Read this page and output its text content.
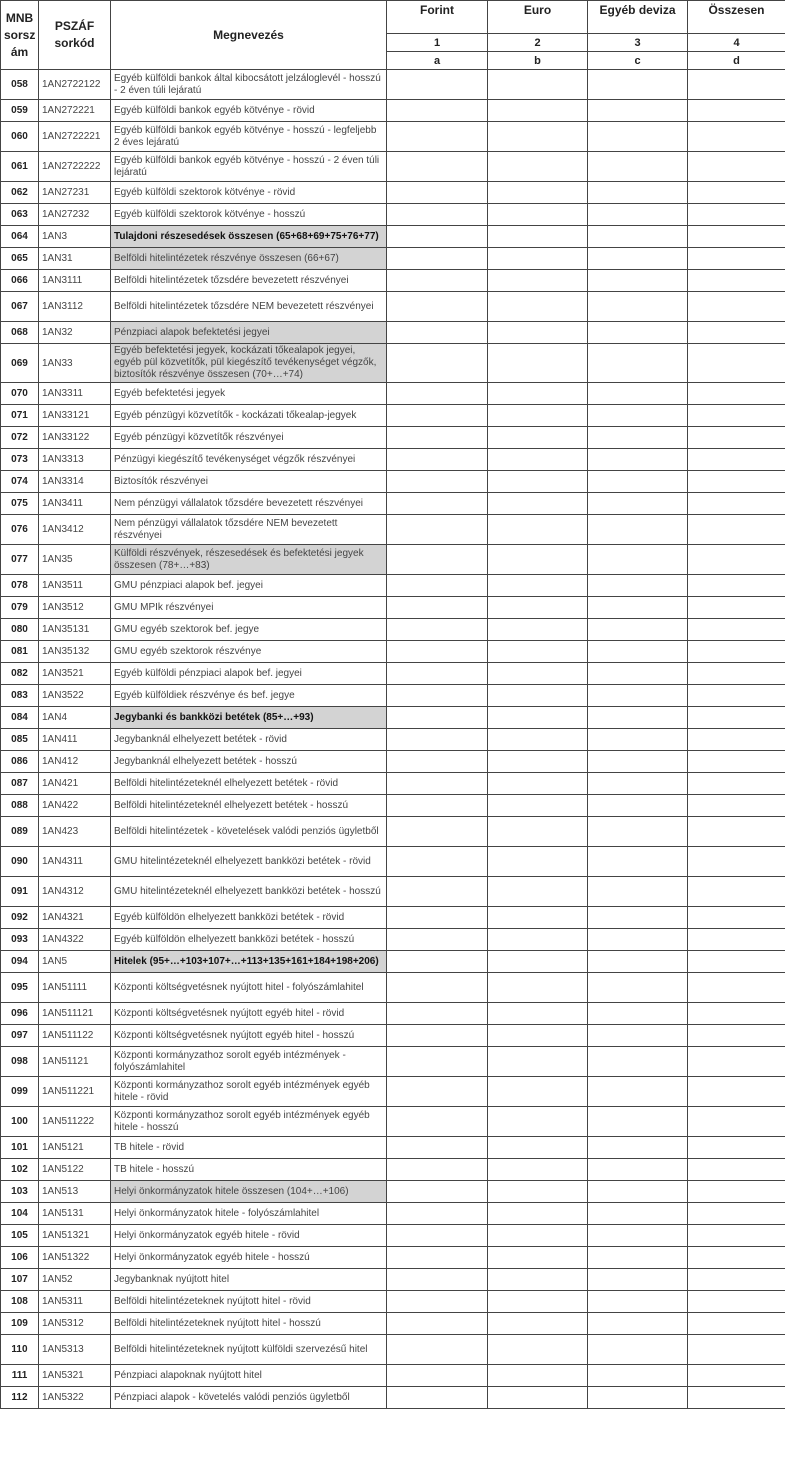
MNB sorsz ám	PSZÁF sorkód	Megnevezés	Forint	Euro	Egyéb deviza	Összesen
			1	2	3	4
			a	b	c	d
058	1AN2722122	Egyéb külföldi bankok által kibocsátott jelzáloglevél - hosszú - 2 éven túli lejáratú				
059	1AN272221	Egyéb külföldi bankok egyéb kötvénye - rövid				
060	1AN2722221	Egyéb külföldi bankok egyéb kötvénye - hosszú - legfeljebb 2 éves lejáratú				
061	1AN2722222	Egyéb külföldi bankok egyéb kötvénye - hosszú - 2 éven túli lejáratú				
062	1AN27231	Egyéb külföldi szektorok kötvénye - rövid				
063	1AN27232	Egyéb külföldi szektorok kötvénye - hosszú				
064	1AN3	Tulajdoni részesedések összesen (65+68+69+75+76+77)				
065	1AN31	Belföldi hitelintézetek részvénye összesen (66+67)				
066	1AN3111	Belföldi hitelintézetek tőzsdére bevezetett részvényei				
067	1AN3112	Belföldi hitelintézetek tőzsdére NEM bevezetett részvényei				
068	1AN32	Pénzpiaci alapok befektetési jegyei				
069	1AN33	Egyéb befektetési jegyek, kockázati tőkealapok jegyei, egyéb pül közvetítők, pül kiegészítő tevékenységet végzők, biztosítók részvénye összesen (70+…+74)				
070	1AN3311	Egyéb befektetési jegyek				
071	1AN33121	Egyéb pénzügyi közvetítők - kockázati tőkealap-jegyek				
072	1AN33122	Egyéb pénzügyi közvetítők részvényei				
073	1AN3313	Pénzügyi kiegészítő tevékenységet végzők részvényei				
074	1AN3314	Biztosítók részvényei				
075	1AN3411	Nem pénzügyi vállalatok tőzsdére bevezetett részvényei				
076	1AN3412	Nem pénzügyi vállalatok tőzsdére NEM bevezetett részvényei				
077	1AN35	Külföldi részvények, részesedések és befektetési jegyek összesen (78+…+83)				
078	1AN3511	GMU pénzpiaci alapok bef. jegyei				
079	1AN3512	GMU MPIk részvényei				
080	1AN35131	GMU egyéb szektorok bef. jegye				
081	1AN35132	GMU egyéb szektorok részvénye				
082	1AN3521	Egyéb külföldi pénzpiaci alapok bef. jegyei				
083	1AN3522	Egyéb külföldiek részvénye és bef. jegye				
084	1AN4	Jegybanki és bankközi betétek (85+…+93)				
085	1AN411	Jegybanknál elhelyezett betétek - rövid				
086	1AN412	Jegybanknál elhelyezett betétek - hosszú				
087	1AN421	Belföldi hitelintézeteknél elhelyezett betétek - rövid				
088	1AN422	Belföldi hitelintézeteknél elhelyezett betétek - hosszú				
089	1AN423	Belföldi hitelintézetek - követelések valódi penziós ügyletből				
090	1AN4311	GMU hitelintézeteknél elhelyezett bankközi betétek - rövid				
091	1AN4312	GMU hitelintézeteknél elhelyezett bankközi betétek - hosszú				
092	1AN4321	Egyéb külföldön elhelyezett bankközi betétek - rövid				
093	1AN4322	Egyéb külföldön elhelyezett bankközi betétek - hosszú				
094	1AN5	Hitelek (95+…+103+107+…+113+135+161+184+198+206)				
095	1AN51111	Központi költségvetésnek nyújtott hitel - folyószámlahitel				
096	1AN511121	Központi költségvetésnek nyújtott egyéb hitel - rövid				
097	1AN511122	Központi költségvetésnek nyújtott egyéb hitel - hosszú				
098	1AN51121	Központi kormányzathoz sorolt egyéb intézmények - folyószámlahitel				
099	1AN511221	Központi kormányzathoz sorolt egyéb intézmények egyéb hitele - rövid				
100	1AN511222	Központi kormányzathoz sorolt egyéb intézmények egyéb hitele - hosszú				
101	1AN5121	TB hitele - rövid				
102	1AN5122	TB hitele - hosszú				
103	1AN513	Helyi önkormányzatok hitele összesen (104+…+106)				
104	1AN5131	Helyi önkormányzatok hitele - folyószámlahitel				
105	1AN51321	Helyi önkormányzatok egyéb hitele - rövid				
106	1AN51322	Helyi önkormányzatok egyéb hitele - hosszú				
107	1AN52	Jegybanknak nyújtott hitel				
108	1AN5311	Belföldi hitelintézeteknek nyújtott hitel - rövid				
109	1AN5312	Belföldi hitelintézeteknek nyújtott hitel - hosszú				
110	1AN5313	Belföldi hitelintézeteknek nyújtott külföldi szervezésű hitel				
111	1AN5321	Pénzpiaci alapoknak nyújtott hitel				
112	1AN5322	Pénzpiaci alapok - követelés valódi penziós ügyletből				
